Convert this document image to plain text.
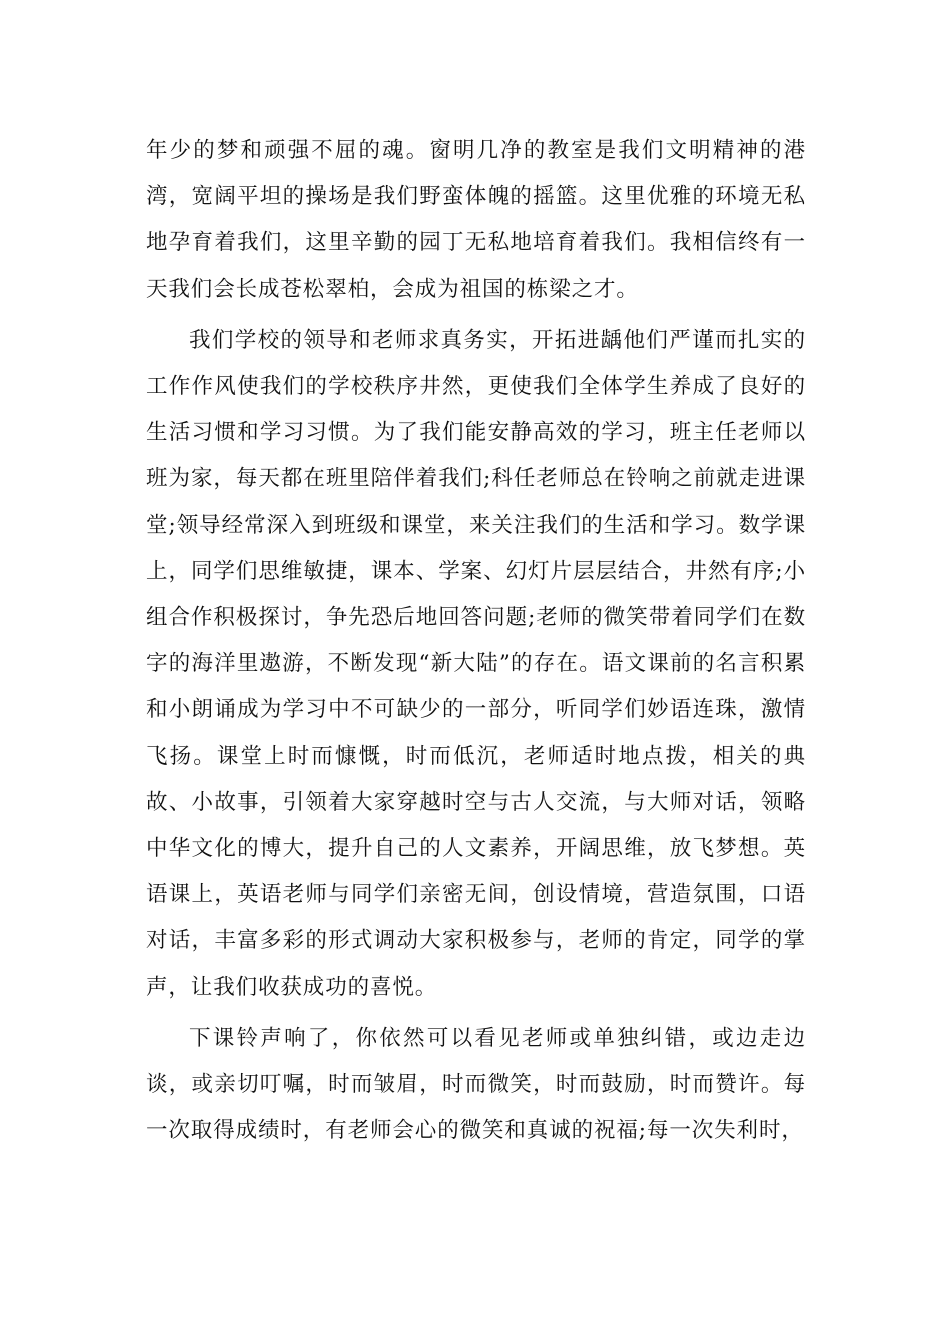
年少的梦和顽强不屈的魂。窗明几净的教室是我们文明精神的港湾，宽阔平坦的操场是我们野蛮体魄的摇篮。这里优雅的环境无私地孕育着我们，这里辛勤的园丁无私地培育着我们。我相信终有一天我们会长成苍松翠柏，会成为祖国的栋梁之才。

我们学校的领导和老师求真务实，开拓进龋他们严谨而扎实的工作作风使我们的学校秩序井然，更使我们全体学生养成了良好的生活习惯和学习习惯。为了我们能安静高效的学习，班主任老师以班为家，每天都在班里陪伴着我们;科任老师总在铃响之前就走进课堂;领导经常深入到班级和课堂，来关注我们的生活和学习。数学课上，同学们思维敏捷，课本、学案、幻灯片层层结合，井然有序;小组合作积极探讨，争先恐后地回答问题;老师的微笑带着同学们在数字的海洋里遨游，不断发现“新大陆”的存在。语文课前的名言积累和小朗诵成为学习中不可缺少的一部分，听同学们妙语连珠，激情飞扬。课堂上时而慷慨，时而低沉，老师适时地点拨，相关的典故、小故事，引领着大家穿越时空与古人交流，与大师对话，领略中华文化的博大，提升自己的人文素养，开阔思维，放飞梦想。英语课上，英语老师与同学们亲密无间，创设情境，营造氛围，口语对话，丰富多彩的形式调动大家积极参与，老师的肯定，同学的掌声，让我们收获成功的喜悦。

下课铃声响了，你依然可以看见老师或单独纠错，或边走边谈，或亲切叮嘱，时而皱眉，时而微笑，时而鼓励，时而赞许。每一次取得成绩时，有老师会心的微笑和真诚的祝福;每一次失利时，
